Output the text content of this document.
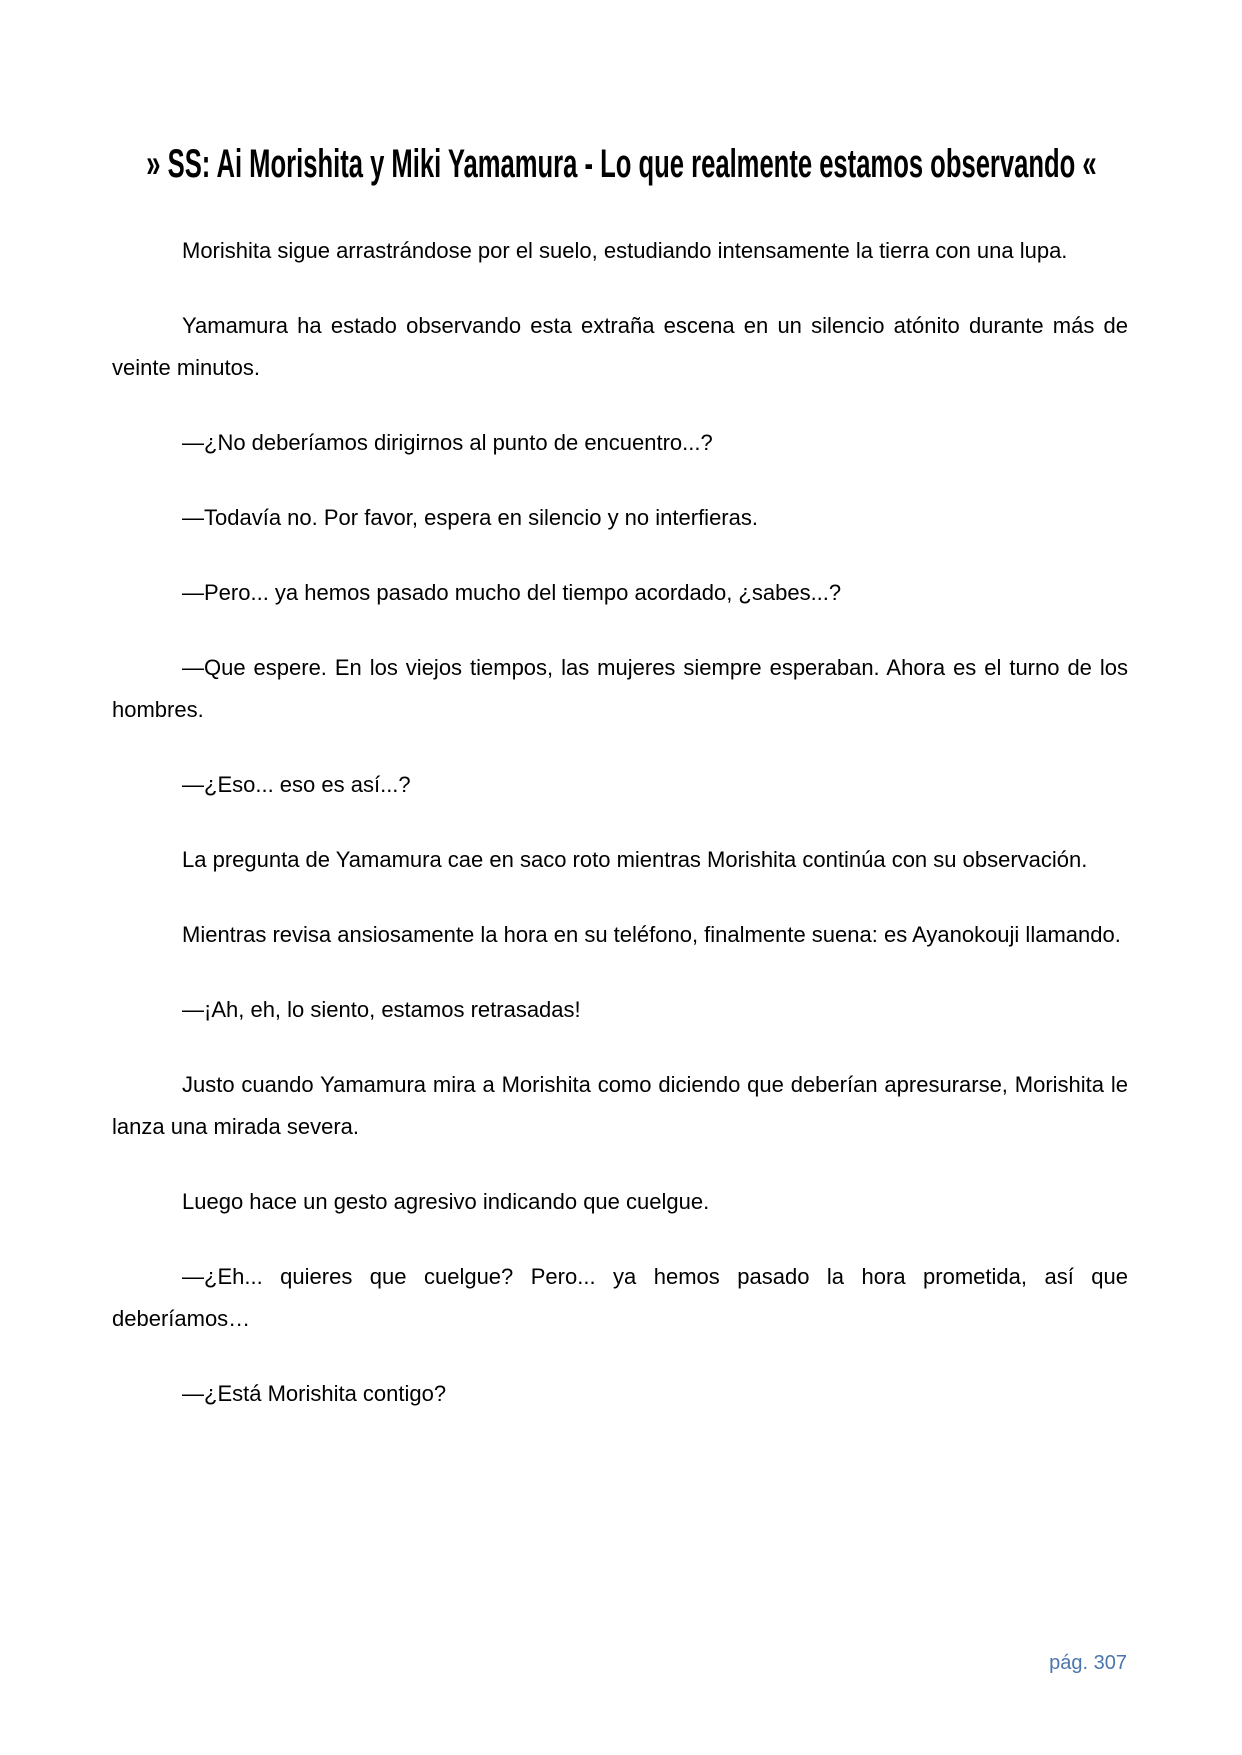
» SS: Ai Morishita y Miki Yamamura - Lo que realmente estamos observando «

Morishita sigue arrastrándose por el suelo, estudiando intensamente la tierra con una lupa.

Yamamura ha estado observando esta extraña escena en un silencio atónito durante más de veinte minutos.

—¿No deberíamos dirigirnos al punto de encuentro...?

—Todavía no. Por favor, espera en silencio y no interfieras.

—Pero... ya hemos pasado mucho del tiempo acordado, ¿sabes...?

—Que espere. En los viejos tiempos, las mujeres siempre esperaban. Ahora es el turno de los hombres.

—¿Eso... eso es así...?

La pregunta de Yamamura cae en saco roto mientras Morishita continúa con su observación.

Mientras revisa ansiosamente la hora en su teléfono, finalmente suena: es Ayanokouji llamando.

—¡Ah, eh, lo siento, estamos retrasadas!

Justo cuando Yamamura mira a Morishita como diciendo que deberían apresurarse, Morishita le lanza una mirada severa.

Luego hace un gesto agresivo indicando que cuelgue.

—¿Eh... quieres que cuelgue? Pero... ya hemos pasado la hora prometida, así que deberíamos…

—¿Está Morishita contigo?

pág. 307
